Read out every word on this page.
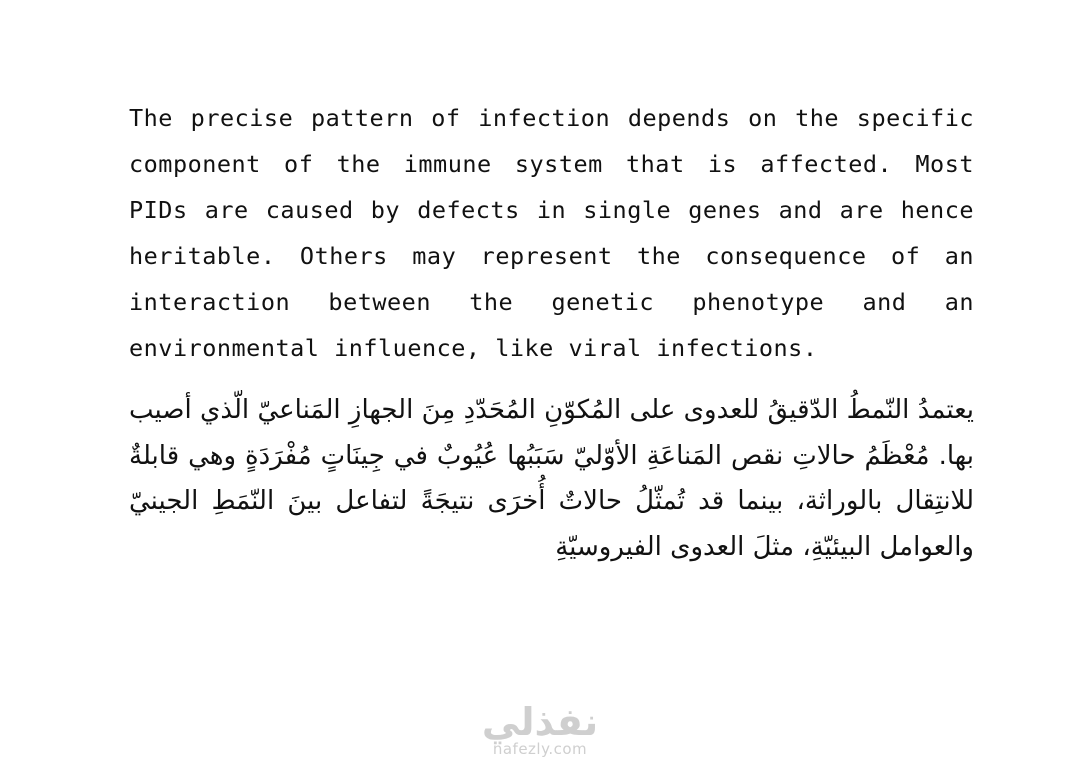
The precise pattern of infection depends on the specific component of the immune system that is affected. Most PIDs are caused by defects in single genes and are hence heritable. Others may represent the consequence of an interaction between the genetic phenotype and an environmental influence, like viral infections.

يعتمدُ النّمطُ الدّقيقُ للعدوى على المُكوّنِ المُحَدّدِ مِنَ الجهازِ المَناعيّ الّذي أصيب بها. مُعْظَمُ حالاتِ نقص المَناعَةِ الأوّليّ سَبَبُها عُيُوبٌ في جِينَاتٍ مُفْرَدَةٍ وهي قابلةٌ للانتِقال بالوراثة، بينما قد تُمثّلُ حالاتٌ أُخرَى نتيجَةً لتفاعل بينَ النّمَطِ الجينيّ والعوامل البيئيّةِ، مثلَ العدوى الفيروسيّةِ

نفذلي
nafezly.com
